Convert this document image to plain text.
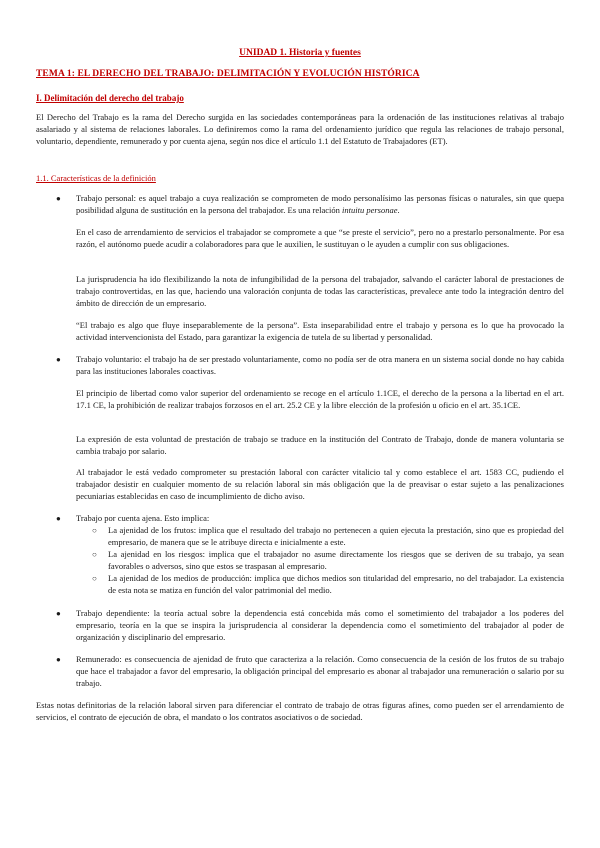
UNIDAD 1. Historia y fuentes
TEMA 1: EL DERECHO DEL TRABAJO: DELIMITACIÓN Y EVOLUCIÓN HISTÓRICA
I. Delimitación del derecho del trabajo

El Derecho del Trabajo es la rama del Derecho surgida en las sociedades contemporáneas para la ordenación de las instituciones relativas al trabajo asalariado y al sistema de relaciones laborales. Lo definiremos como la rama del ordenamiento jurídico que regula las relaciones de trabajo personal, voluntario, dependiente, remunerado y por cuenta ajena, según nos dice el artículo 1.1 del Estatuto de Trabajadores (ET).

1.1. Características de la definición
● Trabajo personal: es aquel trabajo a cuya realización se comprometen de modo personalísimo las personas físicas o naturales, sin que quepa posibilidad alguna de sustitución en la persona del trabajador. Es una relación intuitu personae.

En el caso de arrendamiento de servicios el trabajador se compromete a que “se preste el servicio”, pero no a prestarlo personalmente. Por esa razón, el autónomo puede acudir a colaboradores para que le auxilien, le sustituyan o le ayuden a cumplir con sus obligaciones.

La jurisprudencia ha ido flexibilizando la nota de infungibilidad de la persona del trabajador, salvando el carácter laboral de prestaciones de trabajo controvertidas, en las que, haciendo una valoración conjunta de todas las características, prevalece ante todo la integración dentro del ámbito de dirección de un empresario.

“El trabajo es algo que fluye inseparablemente de la persona”. Esta inseparabilidad entre el trabajo y persona es lo que ha provocado la actividad intervencionista del Estado, para garantizar la exigencia de tutela de su libertad y personalidad.

● Trabajo voluntario: el trabajo ha de ser prestado voluntariamente, como no podía ser de otra manera en un sistema social donde no hay cabida para las instituciones laborales coactivas.

El principio de libertad como valor superior del ordenamiento se recoge en el artículo 1.1CE, el derecho de la persona a la libertad en el art. 17.1 CE, la prohibición de realizar trabajos forzosos en el art. 25.2 CE y la libre elección de la profesión u oficio en el art. 35.1CE.

La expresión de esta voluntad de prestación de trabajo se traduce en la institución del Contrato de Trabajo, donde de manera voluntaria se cambia trabajo por salario.

Al trabajador le está vedado comprometer su prestación laboral con carácter vitalicio tal y como establece el art. 1583 CC, pudiendo el trabajador desistir en cualquier momento de su relación laboral sin más obligación que la de preavisar o estar sujeto a las penalizaciones pecuniarias establecidas en caso de incumplimiento de dicho aviso.

● Trabajo por cuenta ajena. Esto implica:

○ La ajenidad de los frutos: implica que el resultado del trabajo no pertenecen a quien ejecuta la prestación, sino que es propiedad del empresario, de manera que se le atribuye directa e inicialmente a este.

○ La ajenidad en los riesgos: implica que el trabajador no asume directamente los riesgos que se deriven de su trabajo, ya sean favorables o adversos, sino que estos se traspasan al empresario.

○ La ajenidad de los medios de producción: implica que dichos medios son titularidad del empresario, no del trabajador. La existencia de esta nota se matiza en función del valor patrimonial del medio.

● Trabajo dependiente: la teoría actual sobre la dependencia está concebida más como el sometimiento del trabajador a los poderes del empresario, teoría en la que se inspira la jurisprudencia al considerar la dependencia como el sometimiento del trabajador al poder de organización y disciplinario del empresario.

● Remunerado: es consecuencia de ajenidad de fruto que caracteriza a la relación. Como consecuencia de la cesión de los frutos de su trabajo que hace el trabajador a favor del empresario, la obligación principal del empresario es abonar al trabajador una remuneración o salario por su trabajo.

Estas notas definitorias de la relación laboral sirven para diferenciar el contrato de trabajo de otras figuras afines, como pueden ser el arrendamiento de servicios, el contrato de ejecución de obra, el mandato o los contratos asociativos o de sociedad.
